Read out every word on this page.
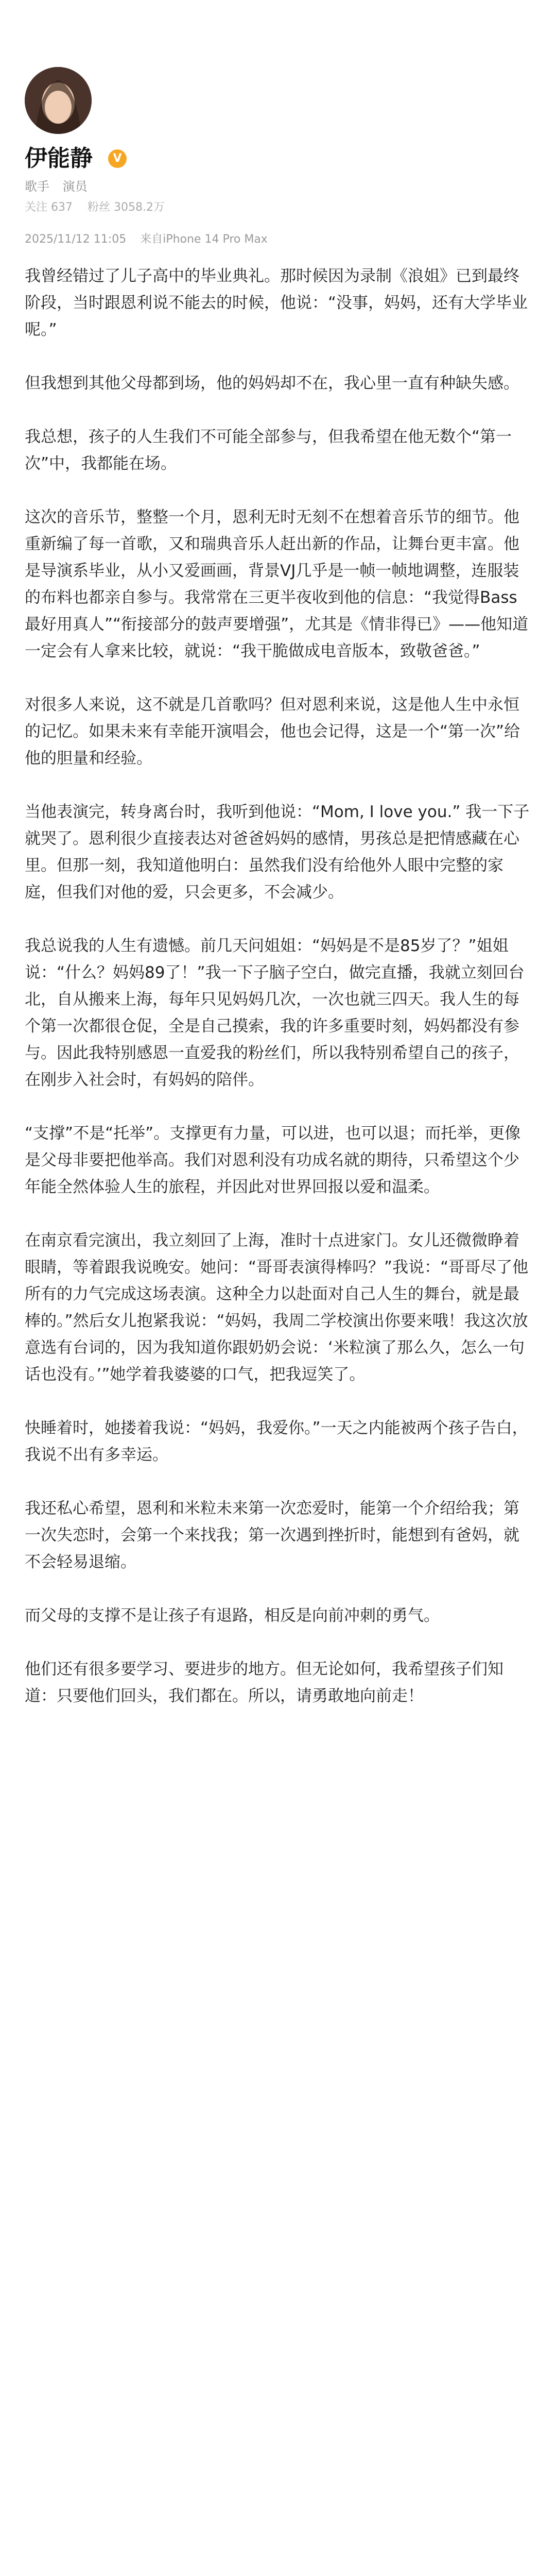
伊能静	V
歌手 演员
关注 637 粉丝 3058.2万
2025/11/12 11:05 来自iPhone 14 Pro Max

我曾经错过了儿子高中的毕业典礼。那时候因为录制《浪姐》已到最终阶段，当时跟恩利说不能去的时候，他说：“没事，妈妈，还有大学毕业呢。”

但我想到其他父母都到场，他的妈妈却不在，我心里一直有种缺失感。

我总想，孩子的人生我们不可能全部参与，但我希望在他无数个“第一次”中，我都能在场。

这次的音乐节，整整一个月，恩利无时无刻不在想着音乐节的细节。他重新编了每一首歌，又和瑞典音乐人赶出新的作品，让舞台更丰富。他是导演系毕业，从小又爱画画，背景VJ几乎是一帧一帧地调整，连服装的布料也都亲自参与。我常常在三更半夜收到他的信息：“我觉得Bass最好用真人”“衔接部分的鼓声要增强”，尤其是《情非得已》——他知道一定会有人拿来比较，就说：“我干脆做成电音版本，致敬爸爸。”

对很多人来说，这不就是几首歌吗？但对恩利来说，这是他人生中永恒的记忆。如果未来有幸能开演唱会，他也会记得，这是一个“第一次”给他的胆量和经验。

当他表演完，转身离台时，我听到他说：“Mom, I love you.” 我一下子就哭了。恩利很少直接表达对爸爸妈妈的感情，男孩总是把情感藏在心里。但那一刻，我知道他明白：虽然我们没有给他外人眼中完整的家庭，但我们对他的爱，只会更多，不会减少。

我总说我的人生有遗憾。前几天问姐姐：“妈妈是不是85岁了？”姐姐说：“什么？妈妈89了！”我一下子脑子空白，做完直播，我就立刻回台北，自从搬来上海，每年只见妈妈几次，一次也就三四天。我人生的每个第一次都很仓促，全是自己摸索，我的许多重要时刻，妈妈都没有参与。因此我特别感恩一直爱我的粉丝们，所以我特别希望自己的孩子，在刚步入社会时，有妈妈的陪伴。

“支撑”不是“托举”。支撑更有力量，可以进，也可以退；而托举，更像是父母非要把他举高。我们对恩利没有功成名就的期待，只希望这个少年能全然体验人生的旅程，并因此对世界回报以爱和温柔。

在南京看完演出，我立刻回了上海，准时十点进家门。女儿还微微睁着眼睛，等着跟我说晚安。她问：“哥哥表演得棒吗？”我说：“哥哥尽了他所有的力气完成这场表演。这种全力以赴面对自己人生的舞台，就是最棒的。”然后女儿抱紧我说：“妈妈，我周二学校演出你要来哦！我这次放意选有台词的，因为我知道你跟奶奶会说：‘米粒演了那么久，怎么一句话也没有。’”她学着我婆婆的口气，把我逗笑了。

快睡着时，她搂着我说：“妈妈，我爱你。”一天之内能被两个孩子告白，我说不出有多幸运。

我还私心希望，恩利和米粒未来第一次恋爱时，能第一个介绍给我；第一次失恋时，会第一个来找我；第一次遇到挫折时，能想到有爸妈，就不会轻易退缩。

而父母的支撑不是让孩子有退路，相反是向前冲刺的勇气。

他们还有很多要学习、要进步的地方。但无论如何，我希望孩子们知道：只要他们回头，我们都在。所以，请勇敢地向前走！
